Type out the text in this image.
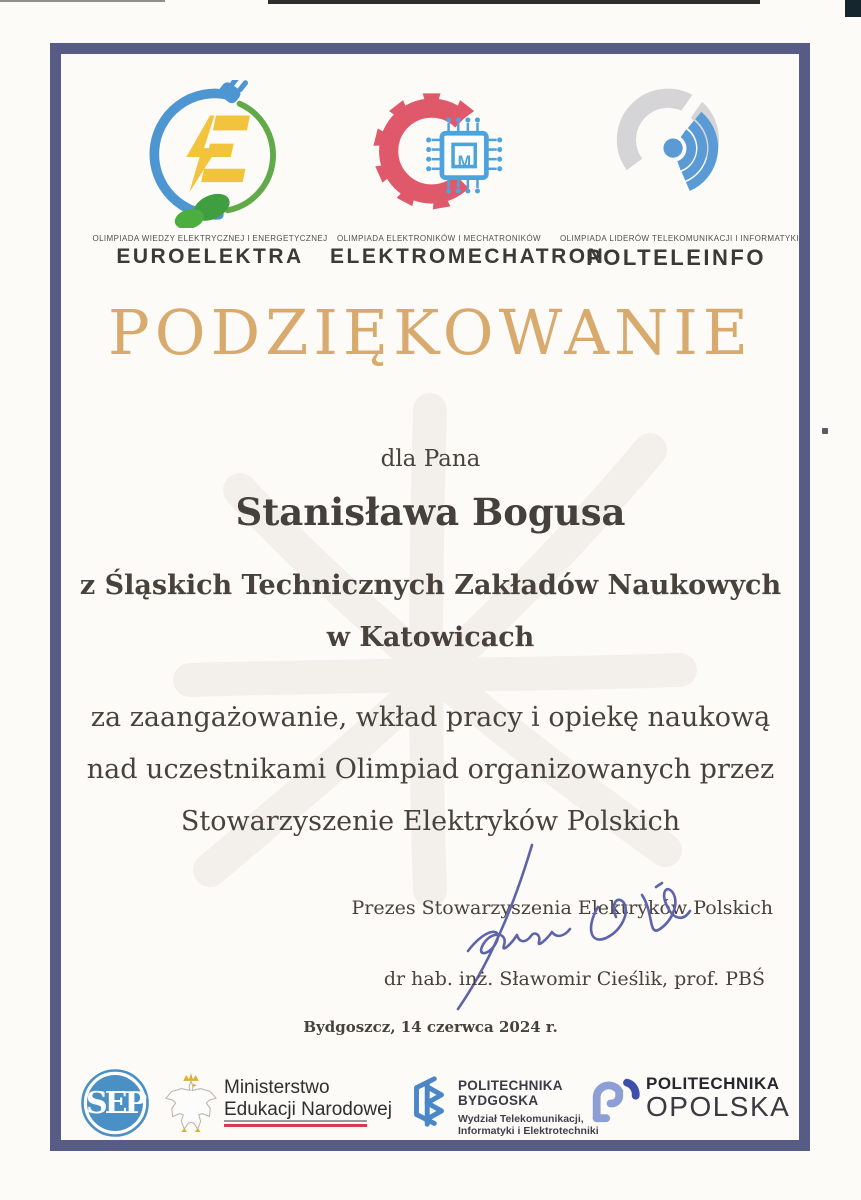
OLIMPIADA WIEDZY ELEKTRYCZNEJ I ENERGETYCZNEJ
EUROELEKTRA
M
OLIMPIADA ELEKTRONIKÓW I MECHATRONIKÓW
ELEKTROMECHATRON
OLIMPIADA LIDERÓW TELEKOMUNIKACJI I INFORMATYKI
POLTELEINFO
PODZIĘKOWANIE

dla Pana

Stanisława Bogusa

z Śląskich Technicznych Zakładów Naukowych

w Katowicach

za zaangażowanie, wkład pracy i opiekę naukową

nad uczestnikami Olimpiad organizowanych przez

Stowarzyszenie Elektryków Polskich

Prezes Stowarzyszenia Elektryków Polskich
dr hab. inż. Sławomir Cieślik, prof. PBŚ
Bydgoszcz, 14 czerwca 2024 r.
SEP	Ministerstwo
Edukacji Narodowej
POLITECHNIKA
BYDGOSKA
Wydział Telekomunikacji,
Informatyki i Elektrotechniki
POLITECHNIKA
OPOLSKA
